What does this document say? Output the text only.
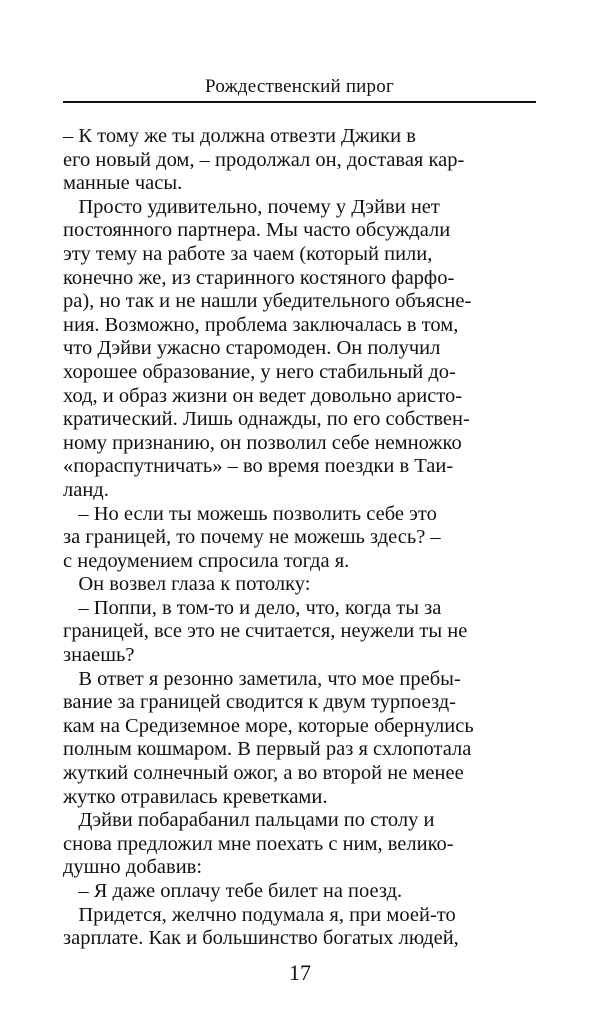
Рождественский пирог
– К тому же ты должна отвезти Джики в
его новый дом, – продолжал он, доставая кар-
манные часы.
Просто удивительно, почему у Дэйви нет
постоянного партнера. Мы часто обсуждали
эту тему на работе за чаем (который пили,
конечно же, из старинного костяного фарфо-
ра), но так и не нашли убедительного объясне-
ния. Возможно, проблема заключалась в том,
что Дэйви ужасно старомоден. Он получил
хорошее образование, у него стабильный до-
ход, и образ жизни он ведет довольно аристо-
кратический. Лишь однажды, по его собствен-
ному признанию, он позволил себе немножко
«пораспутничать» – во время поездки в Таи-
ланд.
– Но если ты можешь позволить себе это
за границей, то почему не можешь здесь? –
с недоумением спросила тогда я.
Он возвел глаза к потолку:
– Поппи, в том-то и дело, что, когда ты за
границей, все это не считается, неужели ты не
знаешь?
В ответ я резонно заметила, что мое пребы-
вание за границей сводится к двум турпоезд-
кам на Средиземное море, которые обернулись
полным кошмаром. В первый раз я схлопотала
жуткий солнечный ожог, а во второй не менее
жутко отравилась креветками.
Дэйви побарабанил пальцами по столу и
снова предложил мне поехать с ним, велико-
душно добавив:
– Я даже оплачу тебе билет на поезд.
Придется, желчно подумала я, при моей-то
зарплате. Как и большинство богатых людей,
17
